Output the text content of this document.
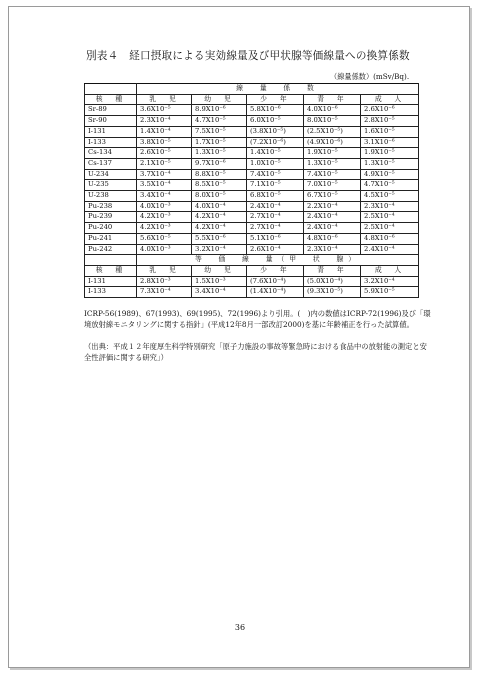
別表４　経口摂取による実効線量及び甲状腺等価線量への換算係数
（線量係数）(mSv/Bq).
	線　量　係　数				
核　種	乳　児	幼　児	少　年	青　年	成　人
Sr-89	3.6X10⁻⁵	8.9X10⁻⁶	5.8X10⁻⁶	4.0X10⁻⁶	2.6X10⁻⁶
Sr-90	2.3X10⁻⁴	4.7X10⁻⁵	6.0X10⁻⁵	8.0X10⁻⁵	2.8X10⁻⁵
I-131	1.4X10⁻⁴	7.5X10⁻⁵	(3.8X10⁻⁵)	(2.5X10⁻⁵)	1.6X10⁻⁵
I-133	3.8X10⁻⁵	1.7X10⁻⁵	(7.2X10⁻⁶)	(4.9X10⁻⁶)	3.1X10⁻⁶
Cs-134	2.6X10⁻⁵	1.3X10⁻⁵	1.4X10⁻⁵	1.9X10⁻⁵	1.9X10⁻⁵
Cs-137	2.1X10⁻⁵	9.7X10⁻⁶	1.0X10⁻⁵	1.3X10⁻⁵	1.3X10⁻⁵
U-234	3.7X10⁻⁴	8.8X10⁻⁵	7.4X10⁻⁵	7.4X10⁻⁵	4.9X10⁻⁵
U-235	3.5X10⁻⁴	8.5X10⁻⁵	7.1X10⁻⁵	7.0X10⁻⁵	4.7X10⁻⁵
U-238	3.4X10⁻⁴	8.0X10⁻⁵	6.8X10⁻⁵	6.7X10⁻⁵	4.5X10⁻⁵
Pu-238	4.0X10⁻³	4.0X10⁻⁴	2.4X10⁻⁴	2.2X10⁻⁴	2.3X10⁻⁴
Pu-239	4.2X10⁻³	4.2X10⁻⁴	2.7X10⁻⁴	2.4X10⁻⁴	2.5X10⁻⁴
Pu-240	4.2X10⁻³	4.2X10⁻⁴	2.7X10⁻⁴	2.4X10⁻⁴	2.5X10⁻⁴
Pu-241	5.6X10⁻⁵	5.5X10⁻⁶	5.1X10⁻⁶	4.8X10⁻⁶	4.8X10⁻⁶
Pu-242	4.0X10⁻³	3.2X10⁻⁴	2.6X10⁻⁴	2.3X10⁻⁴	2.4X10⁻⁴
	等　価　線　量（甲　状　腺）				
核　種	乳　児	幼　児	少　年	青　年	成　人
I-131	2.8X10⁻³	1.5X10⁻³	(7.6X10⁻⁴)	(5.0X10⁻⁴)	3.2X10⁻⁴
I-133	7.3X10⁻⁴	3.4X10⁻⁴	(1.4X10⁻⁴)	(9.3X10⁻⁵)	5.9X10⁻⁵

ICRP-56(1989)、67(1993)、69(1995)、72(1996)より引用。(　)内の数値はICRP-72(1996)及び「環境放射線モニタリングに関する指針」(平成12年8月一部改訂2000)を基に年齢補正を行った試算値。

（出典：平成１２年度厚生科学特別研究「原子力施設の事故等緊急時における食品中の放射能の測定と安全性評価に関する研究」）

36
